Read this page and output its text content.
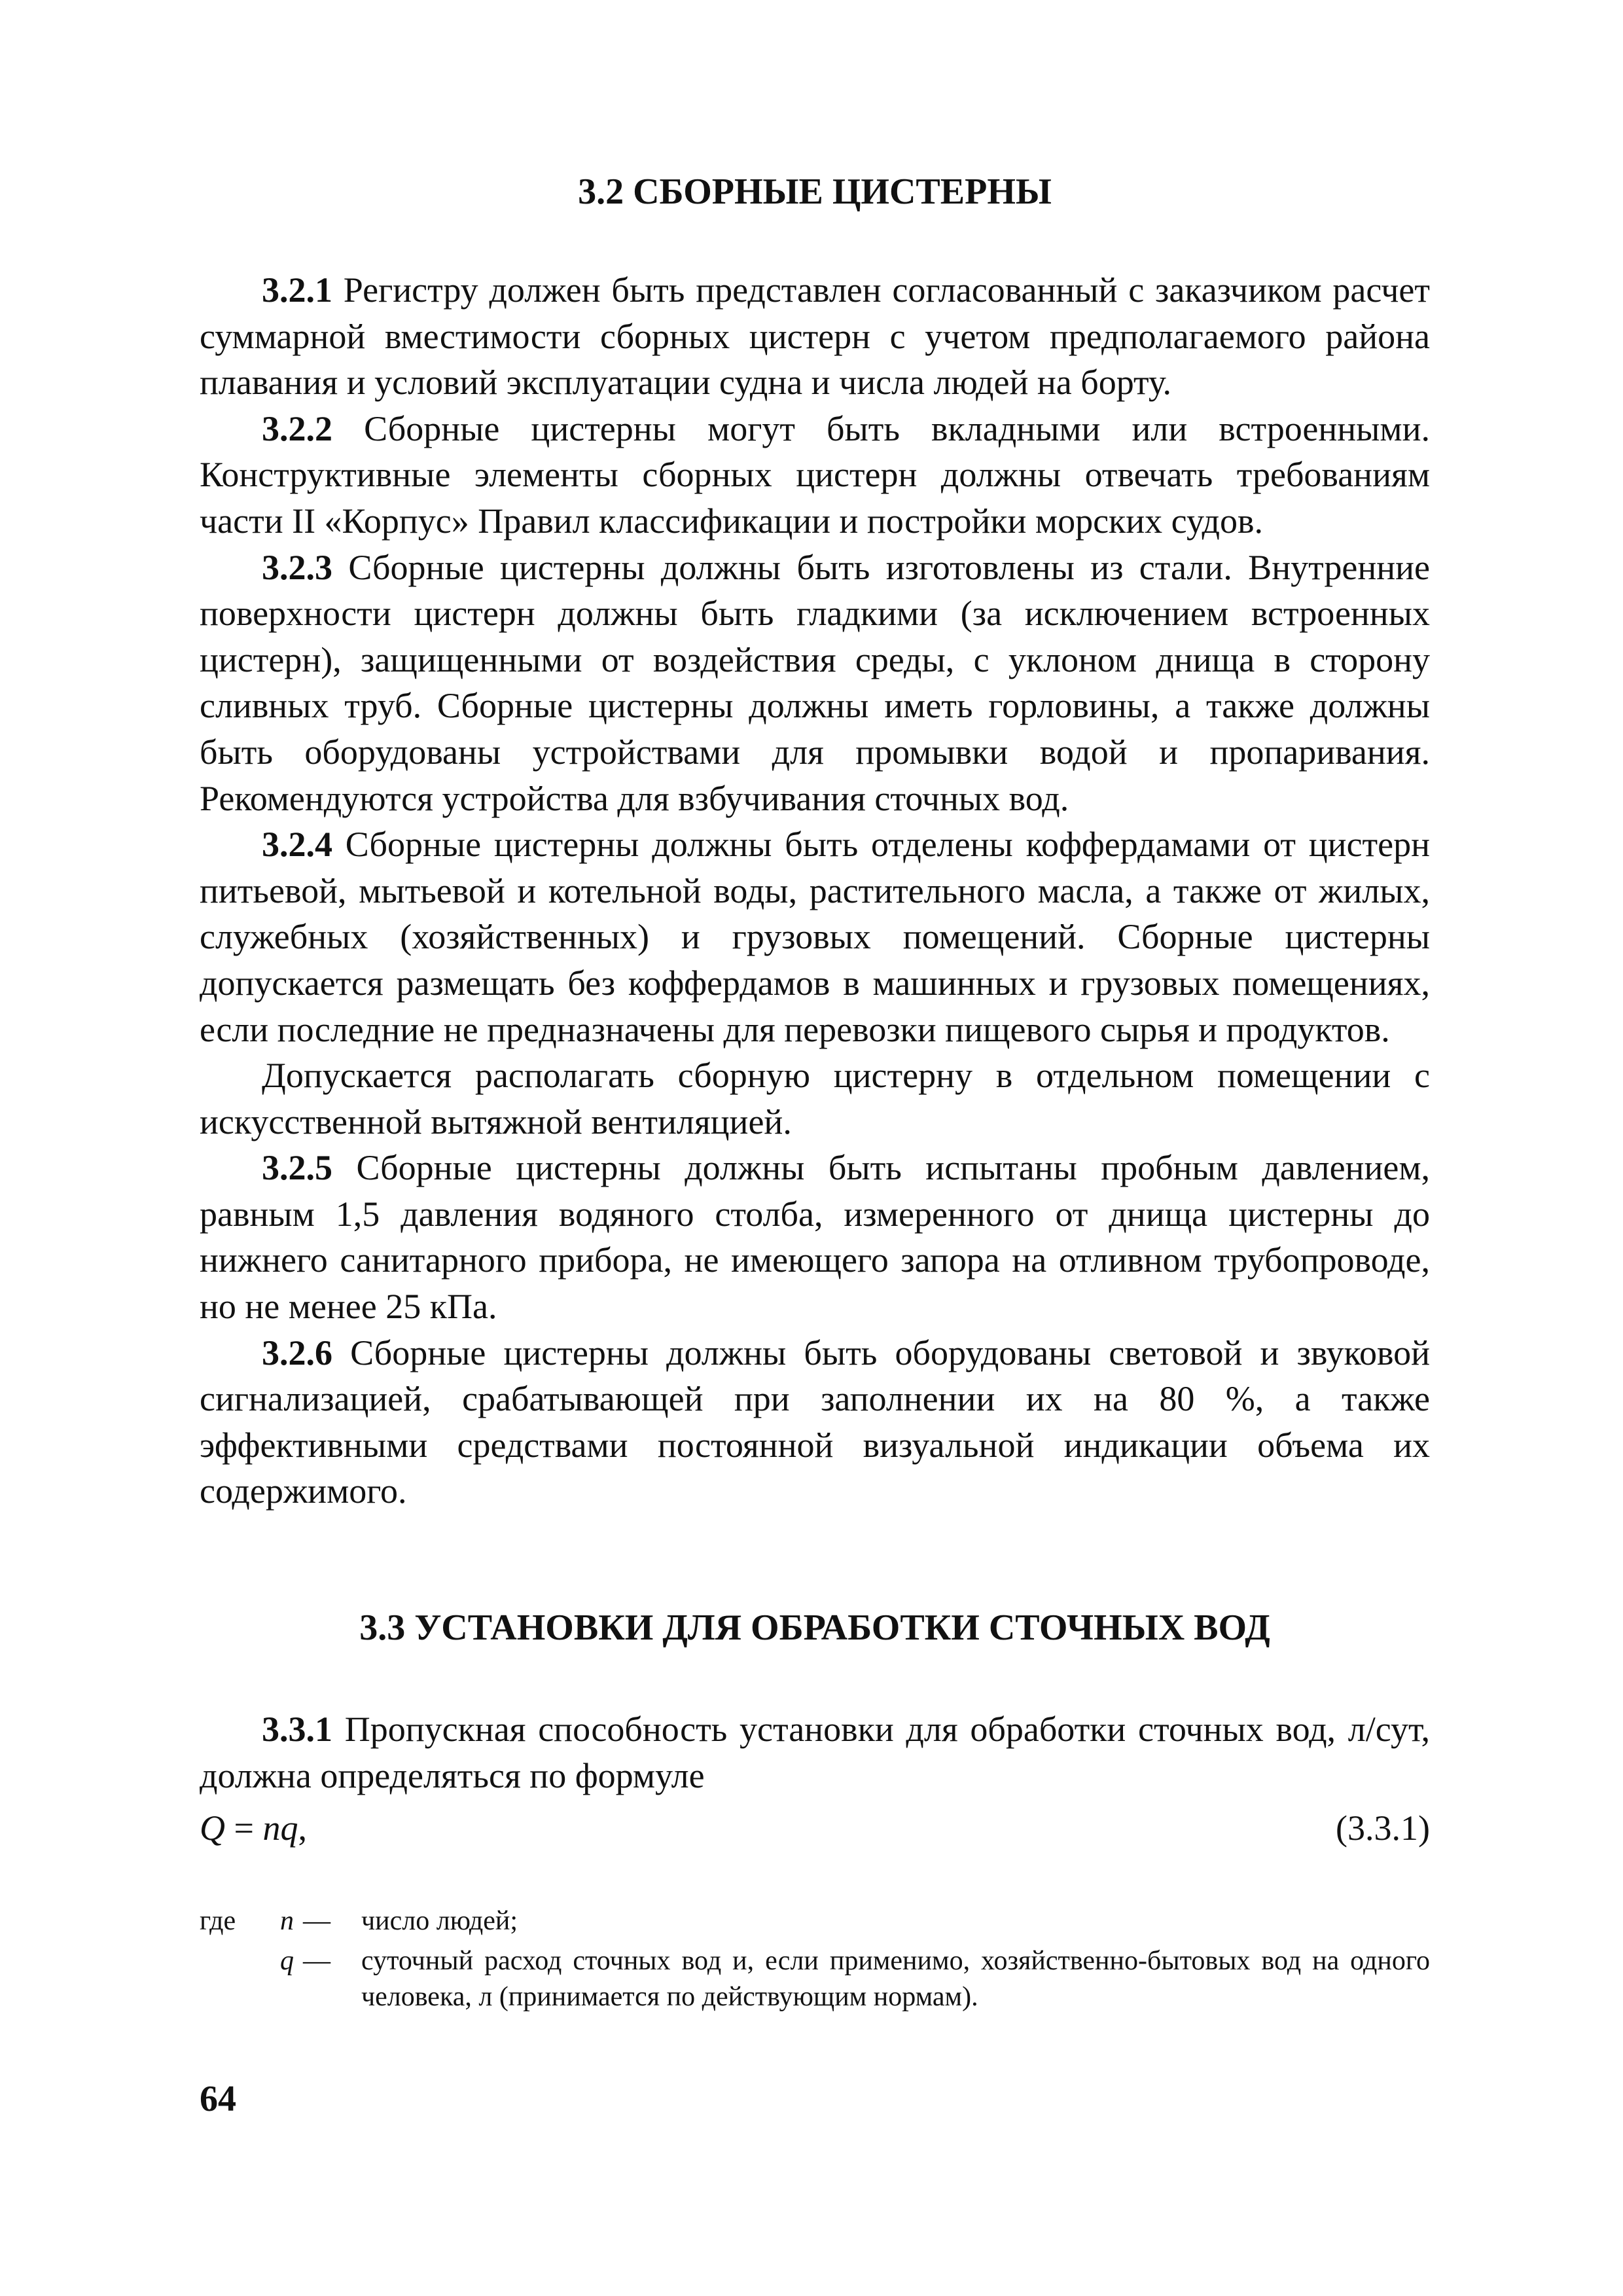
3.2 СБОРНЫЕ ЦИСТЕРНЫ

3.2.1 Регистру должен быть представлен согласованный с заказчиком расчет суммарной вместимости сборных цистерн с учетом предполагаемого района плавания и условий эксплуатации судна и числа людей на борту.

3.2.2 Сборные цистерны могут быть вкладными или встроенными. Конструктивные элементы сборных цистерн должны отвечать требованиям части II «Корпус» Правил классификации и постройки морских судов.

3.2.3 Сборные цистерны должны быть изготовлены из стали. Внутренние поверхности цистерн должны быть гладкими (за исключением встроенных цистерн), защищенными от воздействия среды, с уклоном днища в сторону сливных труб. Сборные цистерны должны иметь горловины, а также должны быть оборудованы устройствами для промывки водой и пропаривания. Рекомендуются устройства для взбучивания сточных вод.

3.2.4 Сборные цистерны должны быть отделены коффердамами от цистерн питьевой, мытьевой и котельной воды, растительного масла, а также от жилых, служебных (хозяйственных) и грузовых помещений. Сборные цистерны допускается размещать без коффердамов в машинных и грузовых помещениях, если последние не предназначены для перевозки пищевого сырья и продуктов.

Допускается располагать сборную цистерну в отдельном помещении с искусственной вытяжной вентиляцией.

3.2.5 Сборные цистерны должны быть испытаны пробным давлением, равным 1,5 давления водяного столба, измеренного от днища цистерны до нижнего санитарного прибора, не имеющего запора на отливном трубопроводе, но не менее 25 кПа.

3.2.6 Сборные цистерны должны быть оборудованы световой и звуковой сигнализацией, срабатывающей при заполнении их на 80 %, а также эффективными средствами постоянной визуальной индикации объема их содержимого.

3.3 УСТАНОВКИ ДЛЯ ОБРАБОТКИ СТОЧНЫХ ВОД

3.3.1 Пропускная способность установки для обработки сточных вод, л/сут, должна определяться по формуле

Q = nq,	(3.3.1)
где n — число людей;
q — суточный расход сточных вод и, если применимо, хозяйственно-бытовых вод на одного человека, л (принимается по действующим нормам).
64
